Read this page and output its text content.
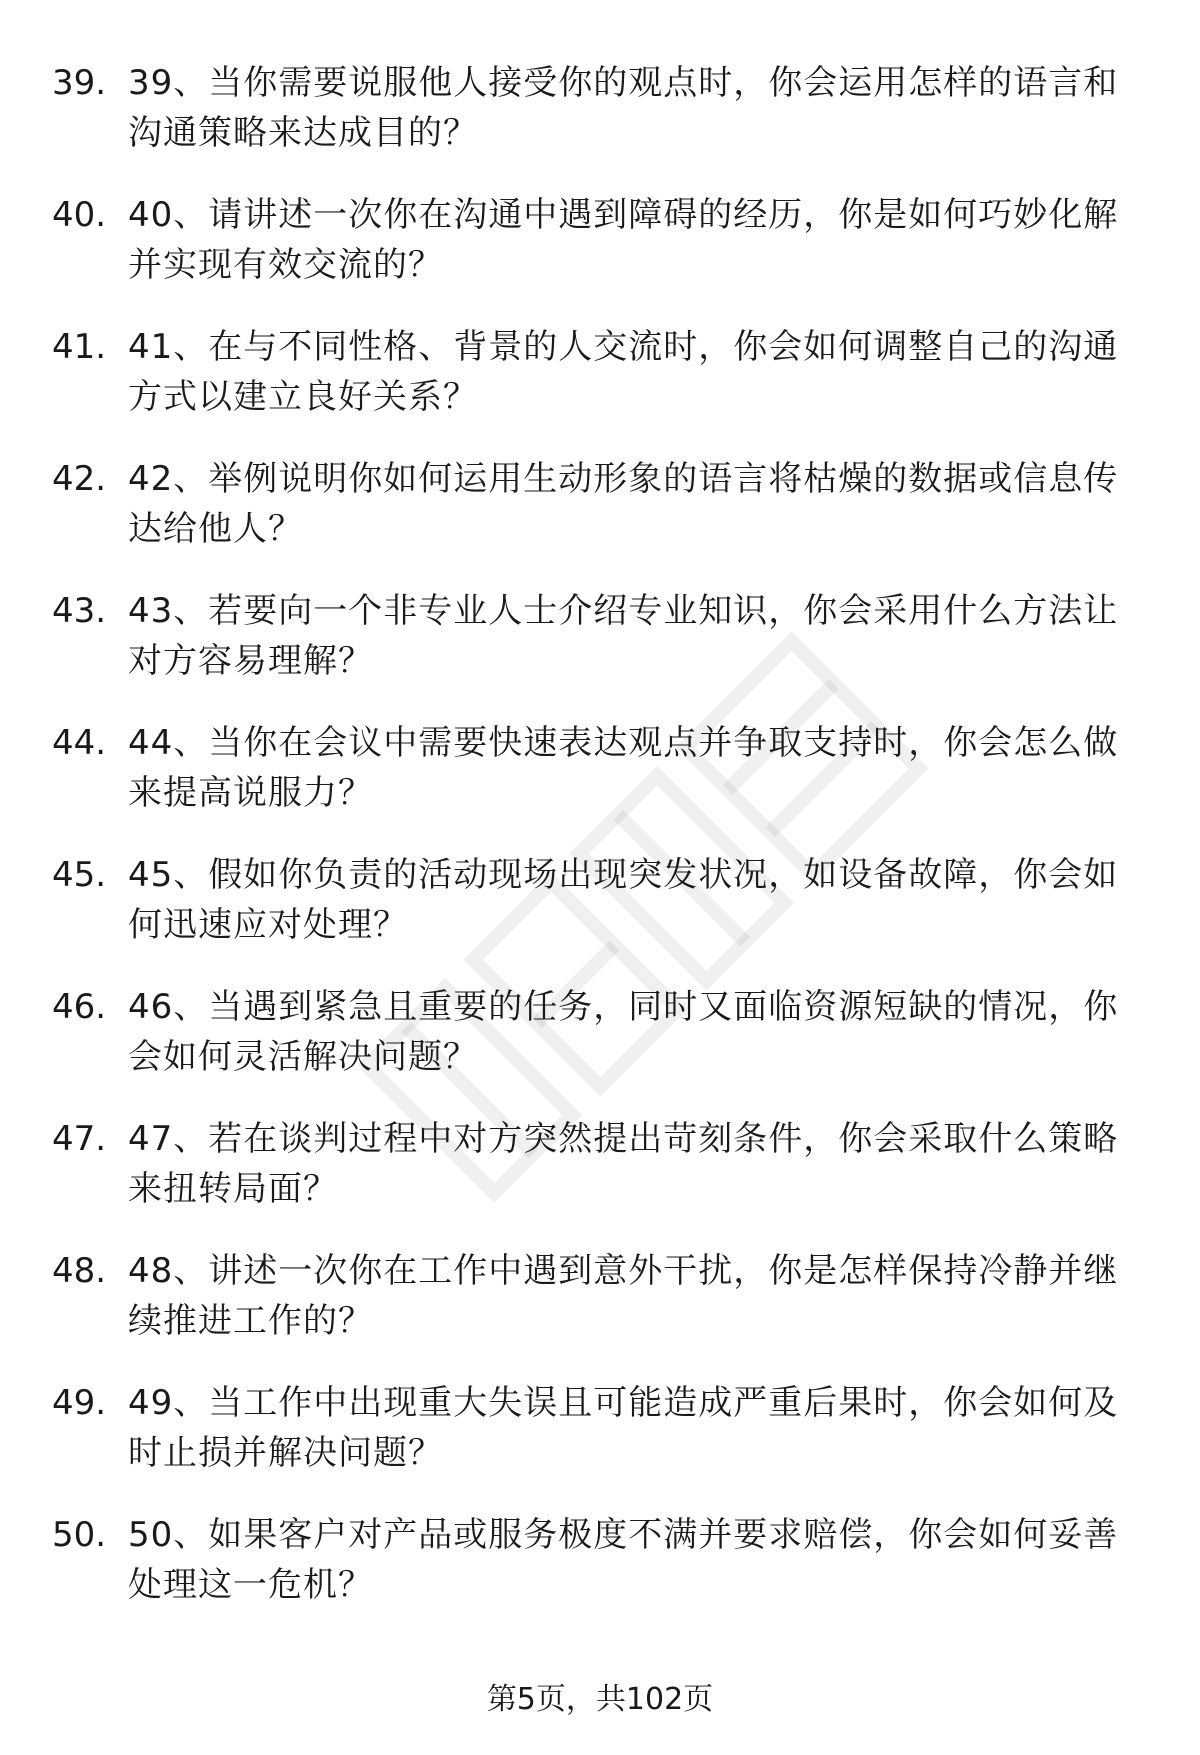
39. 39、当你需要说服他人接受你的观点时，你会运用怎样的语言和沟通策略来达成目的？
40. 40、请讲述一次你在沟通中遇到障碍的经历，你是如何巧妙化解并实现有效交流的？
41. 41、在与不同性格、背景的人交流时，你会如何调整自己的沟通方式以建立良好关系？
42. 42、举例说明你如何运用生动形象的语言将枯燥的数据或信息传达给他人？
43. 43、若要向一个非专业人士介绍专业知识，你会采用什么方法让对方容易理解？
44. 44、当你在会议中需要快速表达观点并争取支持时，你会怎么做来提高说服力？
45. 45、假如你负责的活动现场出现突发状况，如设备故障，你会如何迅速应对处理？
46. 46、当遇到紧急且重要的任务，同时又面临资源短缺的情况，你会如何灵活解决问题？
47. 47、若在谈判过程中对方突然提出苛刻条件，你会采取什么策略来扭转局面？
48. 48、讲述一次你在工作中遇到意外干扰，你是怎样保持冷静并继续推进工作的？
49. 49、当工作中出现重大失误且可能造成严重后果时，你会如何及时止损并解决问题？
50. 50、如果客户对产品或服务极度不满并要求赔偿，你会如何妥善处理这一危机？
第5页，共102页
